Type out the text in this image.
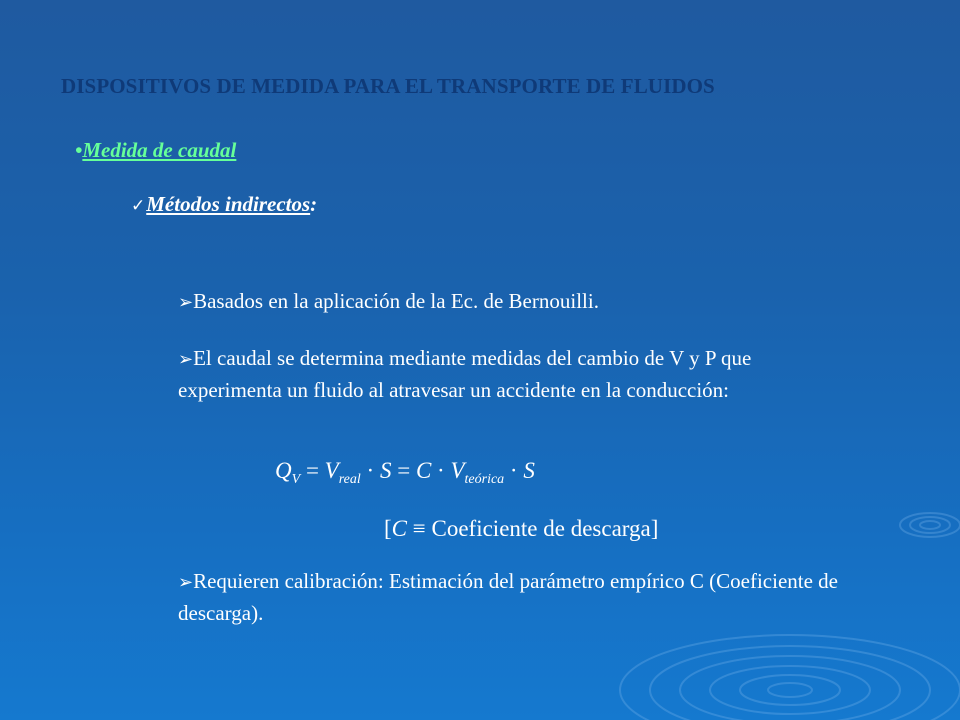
DISPOSITIVOS DE MEDIDA PARA EL TRANSPORTE DE FLUIDOS
•Medida de caudal
✓Métodos indirectos:
➢Basados en la aplicación de la Ec. de Bernouilli.
➢El caudal se determina mediante medidas del cambio de V y P que experimenta un fluido al atravesar un accidente en la conducción:
$Q_V = V_{real} \cdot S = C \cdot V_{teórica} \cdot S$
[C ≡ Coeficiente de descarga]
➢Requieren calibración: Estimación del parámetro empírico C (Coeficiente de descarga).
